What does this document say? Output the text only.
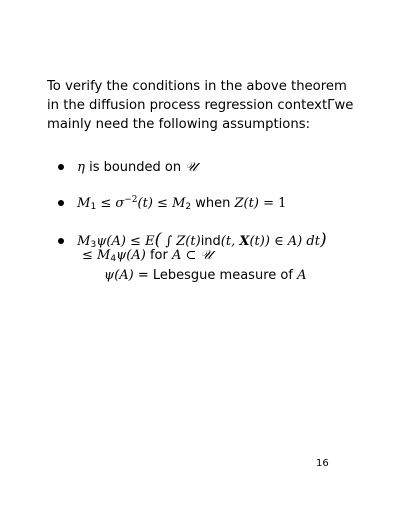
To verify the conditions in the above theorem
in the diffusion process regression contextΓwe
mainly need the following assumptions:
η is bounded on 𝒰
$M_1 \le \sigma^{-2}(t) \le M_2$ when Z(t) = 1
$M_3\psi(A) \le E$( ∫ Z(t)ind(t, X(t)) ∈ A) dt)
≤ $M_4\psi(A)$ for A ⊂ 𝒰
ψ(A) = Lebesgue measure of A
16
